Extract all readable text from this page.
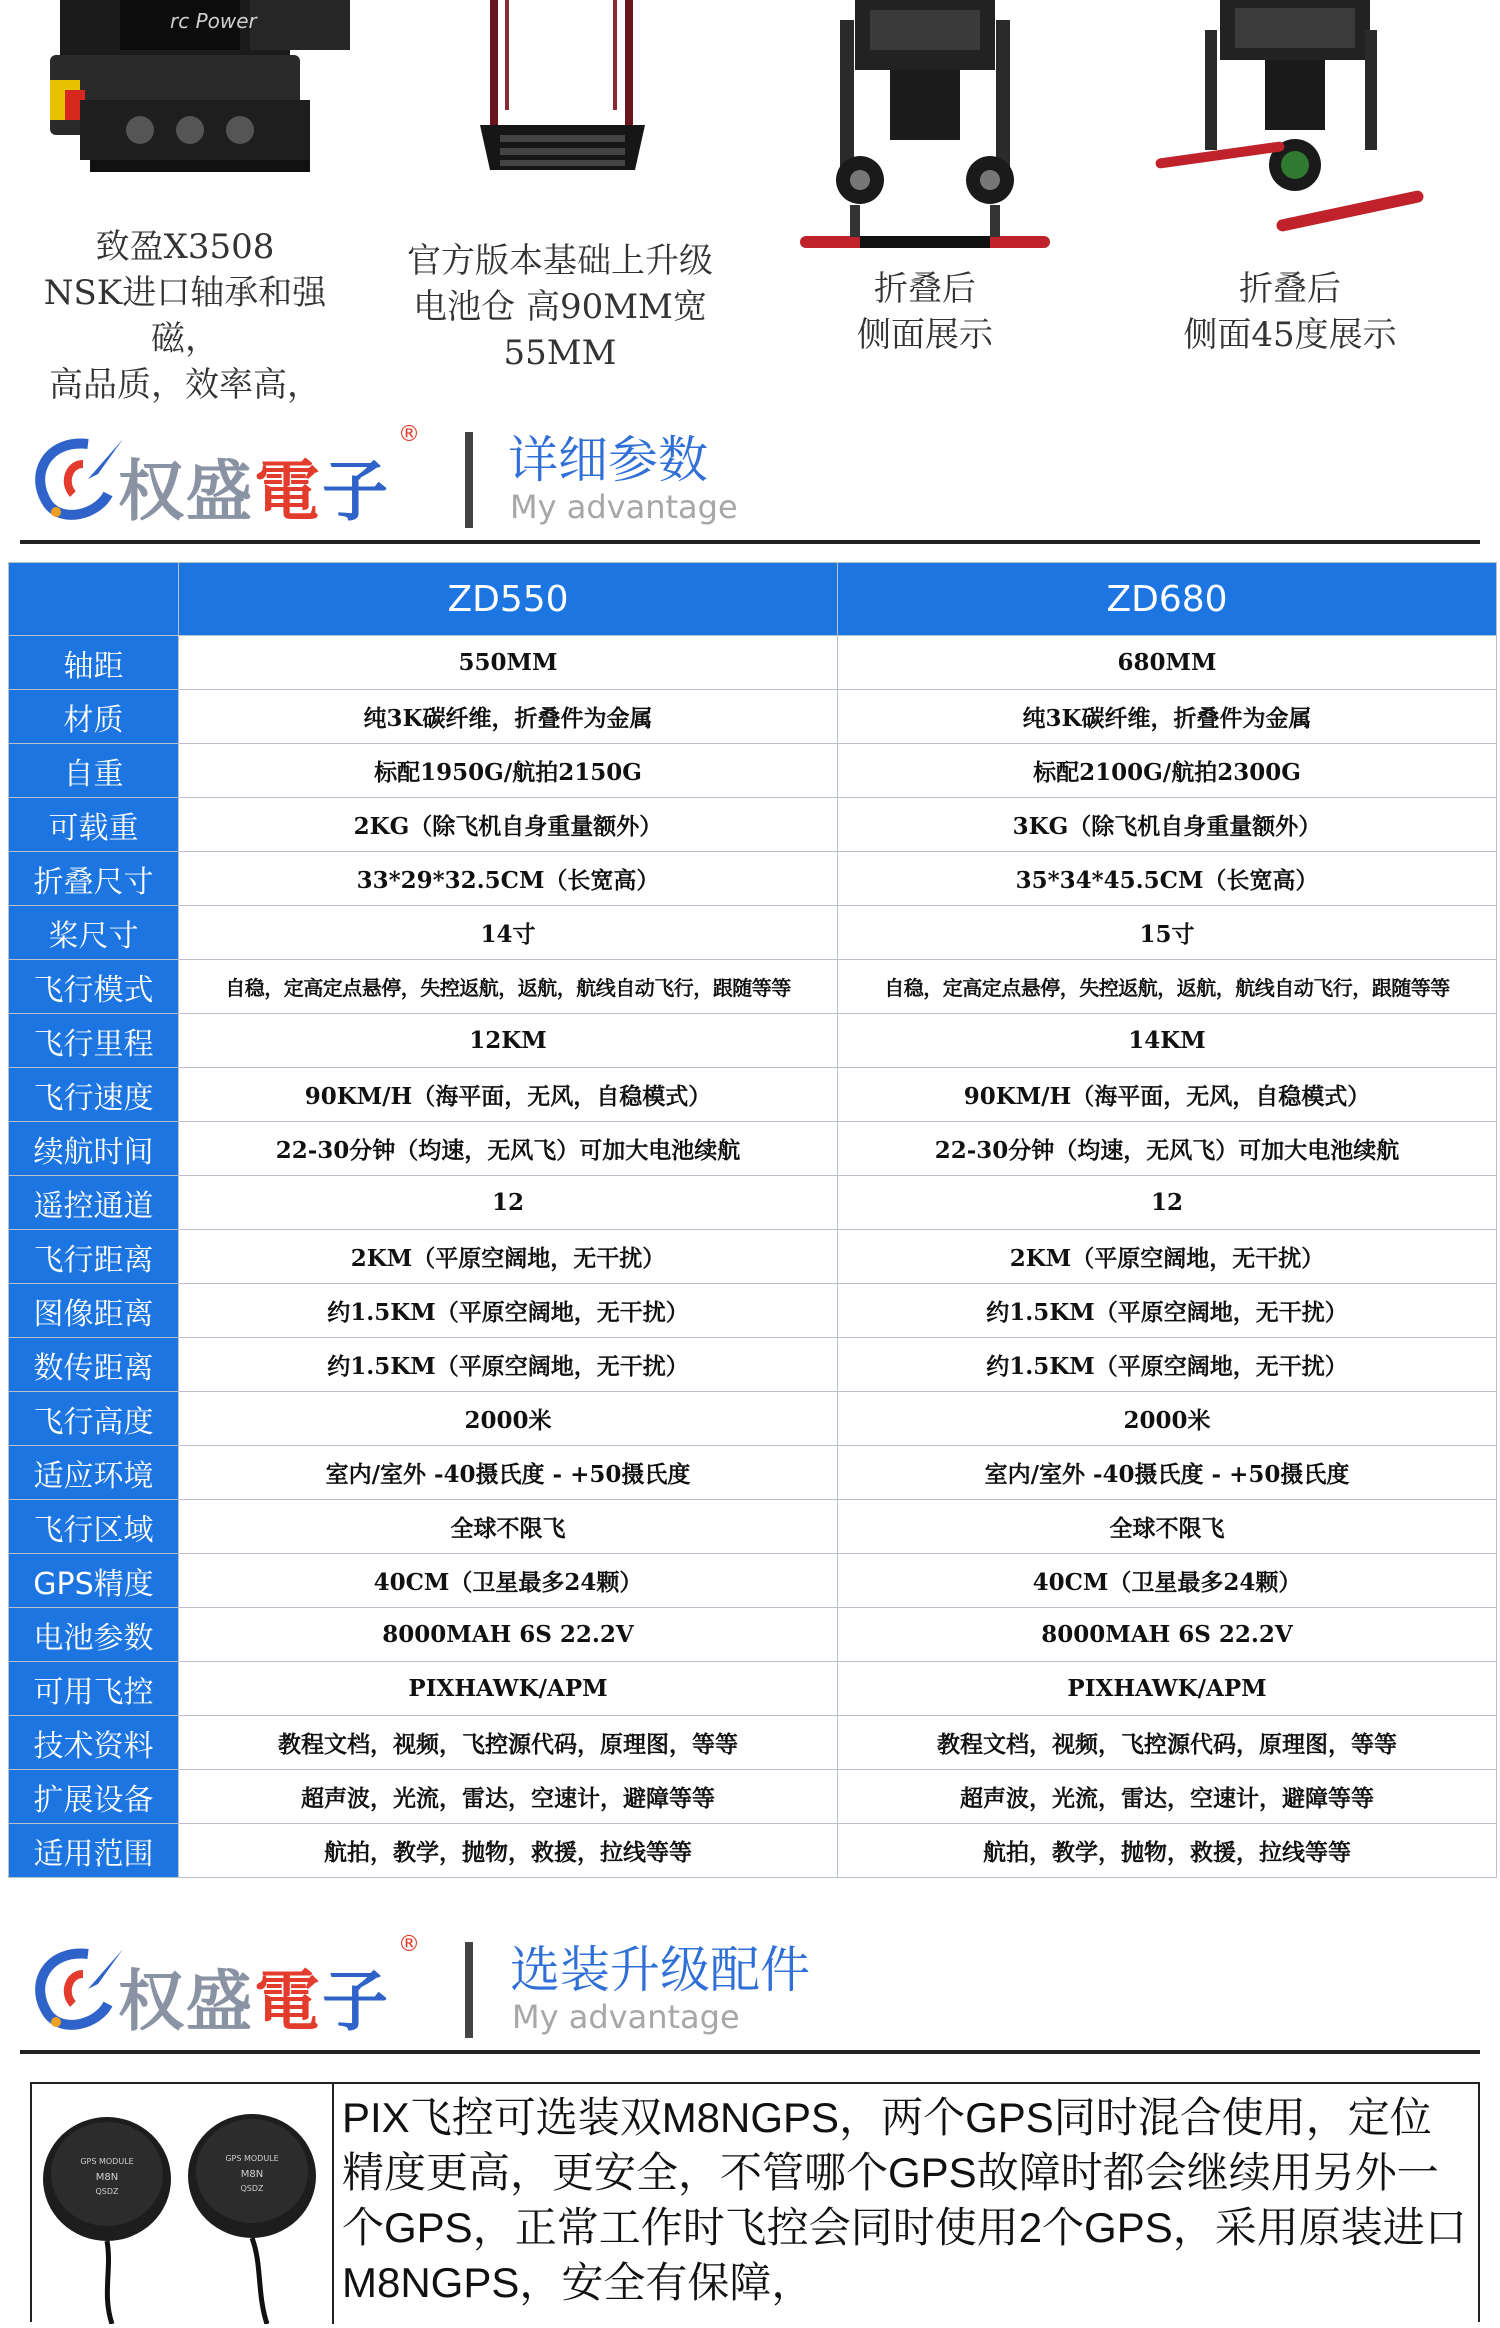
rc Power
致盈X3508
NSK进口轴承和强磁，
高品质，效率高，
官方版本基础上升级
电池仓 高90MM宽
55MM
折叠后
侧面展示
折叠后
侧面45度展示
权盛電子
® 详细参数
My advantage
	ZD550	ZD680
轴距	550MM	680MM
材质	纯3K碳纤维，折叠件为金属	纯3K碳纤维，折叠件为金属
自重	标配1950G/航拍2150G	标配2100G/航拍2300G
可载重	2KG（除飞机自身重量额外）	3KG（除飞机自身重量额外）
折叠尺寸	33*29*32.5CM（长宽高）	35*34*45.5CM（长宽高）
桨尺寸	14寸	15寸
飞行模式	自稳，定高定点悬停，失控返航，返航，航线自动飞行，跟随等等	自稳，定高定点悬停，失控返航，返航，航线自动飞行，跟随等等
飞行里程	12KM	14KM
飞行速度	90KM/H（海平面，无风，自稳模式）	90KM/H（海平面，无风，自稳模式）
续航时间	22-30分钟（均速，无风飞）可加大电池续航	22-30分钟（均速，无风飞）可加大电池续航
遥控通道	12	12
飞行距离	2KM（平原空阔地，无干扰）	2KM（平原空阔地，无干扰）
图像距离	约1.5KM（平原空阔地，无干扰）	约1.5KM（平原空阔地，无干扰）
数传距离	约1.5KM（平原空阔地，无干扰）	约1.5KM（平原空阔地，无干扰）
飞行高度	2000米	2000米
适应环境	室内/室外 -40摄氏度 - +50摄氏度	室内/室外 -40摄氏度 - +50摄氏度
飞行区域	全球不限飞	全球不限飞
GPS精度	40CM（卫星最多24颗）	40CM（卫星最多24颗）
电池参数	8000MAH 6S 22.2V	8000MAH 6S 22.2V
可用飞控	PIXHAWK/APM	PIXHAWK/APM
技术资料	教程文档，视频，飞控源代码，原理图，等等	教程文档，视频，飞控源代码，原理图，等等
扩展设备	超声波，光流，雷达，空速计，避障等等	超声波，光流，雷达，空速计，避障等等
适用范围	航拍，教学，抛物，救援，拉线等等	航拍，教学，抛物，救援，拉线等等
权盛電子
® 选装升级配件
My advantage
GPS MODULE
M8N
QSDZ
GPS MODULE
M8N
QSDZ
PIX飞控可选装双M8NGPS，两个GPS同时混合使用，定位精度更高，更安全，不管哪个GPS故障时都会继续用另外一个GPS，正常工作时飞控会同时使用2个GPS，采用原装进口M8NGPS，安全有保障，
